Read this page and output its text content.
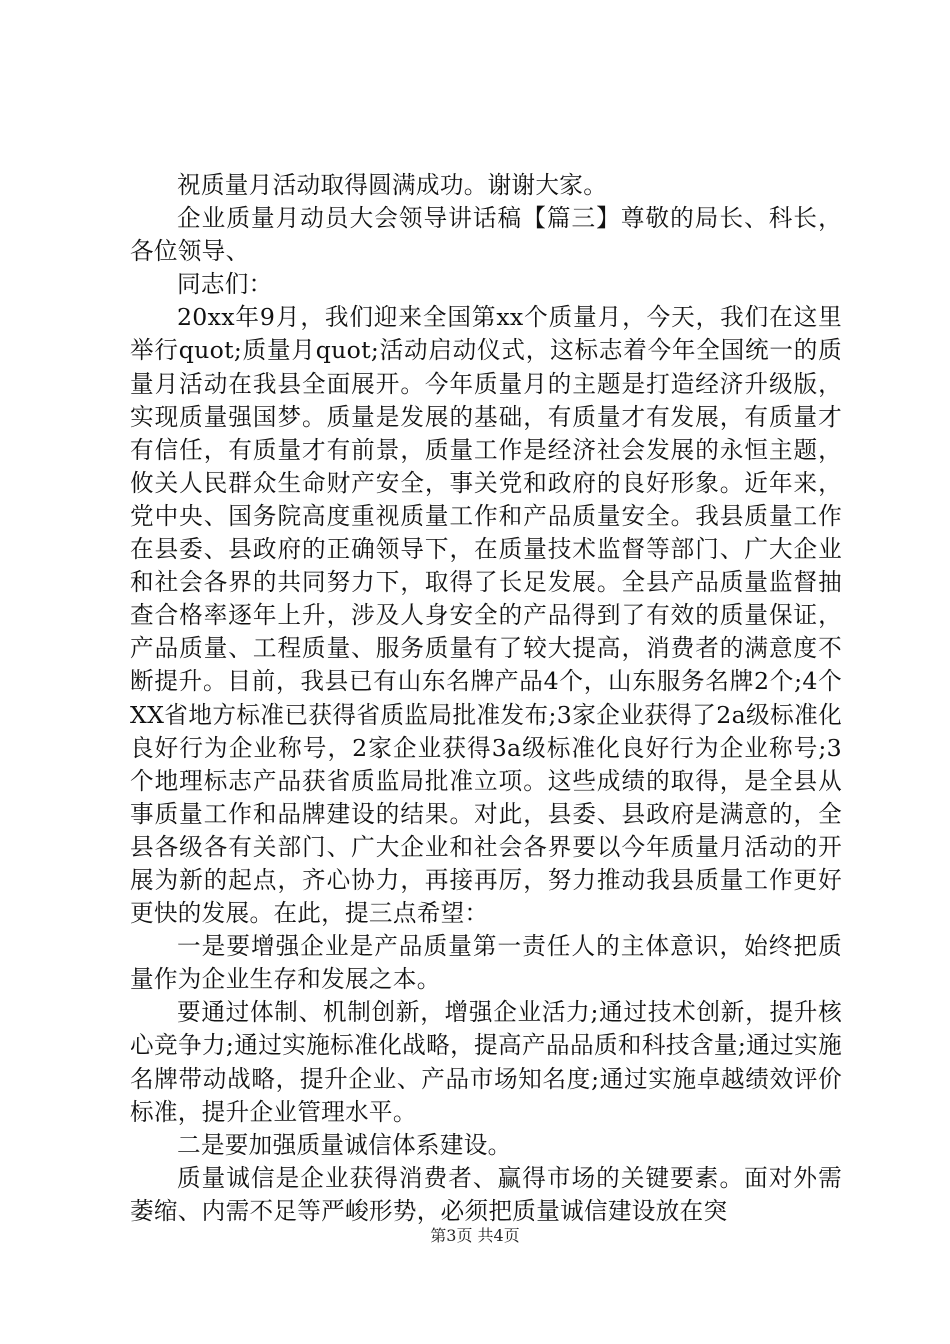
祝质量月活动取得圆满成功。谢谢大家。

企业质量月动员大会领导讲话稿【篇三】尊敬的局长、科长，各位领导、

同志们：

20xx年9月，我们迎来全国第xx个质量月，今天，我们在这里举行quot;质量月quot;活动启动仪式，这标志着今年全国统一的质量月活动在我县全面展开。今年质量月的主题是打造经济升级版，实现质量强国梦。质量是发展的基础，有质量才有发展，有质量才有信任，有质量才有前景，质量工作是经济社会发展的永恒主题，攸关人民群众生命财产安全，事关党和政府的良好形象。近年来，党中央、国务院高度重视质量工作和产品质量安全。我县质量工作在县委、县政府的正确领导下，在质量技术监督等部门、广大企业和社会各界的共同努力下，取得了长足发展。全县产品质量监督抽查合格率逐年上升，涉及人身安全的产品得到了有效的质量保证，产品质量、工程质量、服务质量有了较大提高，消费者的满意度不断提升。目前，我县已有山东名牌产品4个，山东服务名牌2个;4个XX省地方标准已获得省质监局批准发布;3家企业获得了2a级标准化良好行为企业称号，2家企业获得3a级标准化良好行为企业称号;3个地理标志产品获省质监局批准立项。这些成绩的取得，是全县从事质量工作和品牌建设的结果。对此，县委、县政府是满意的，全县各级各有关部门、广大企业和社会各界要以今年质量月活动的开展为新的起点，齐心协力，再接再厉，努力推动我县质量工作更好更快的发展。在此，提三点希望：

一是要增强企业是产品质量第一责任人的主体意识，始终把质量作为企业生存和发展之本。

要通过体制、机制创新，增强企业活力;通过技术创新，提升核心竞争力;通过实施标准化战略，提高产品品质和科技含量;通过实施名牌带动战略，提升企业、产品市场知名度;通过实施卓越绩效评价标准，提升企业管理水平。

二是要加强质量诚信体系建设。

质量诚信是企业获得消费者、赢得市场的关键要素。面对外需萎缩、内需不足等严峻形势，必须把质量诚信建设放在突

第3页 共4页
